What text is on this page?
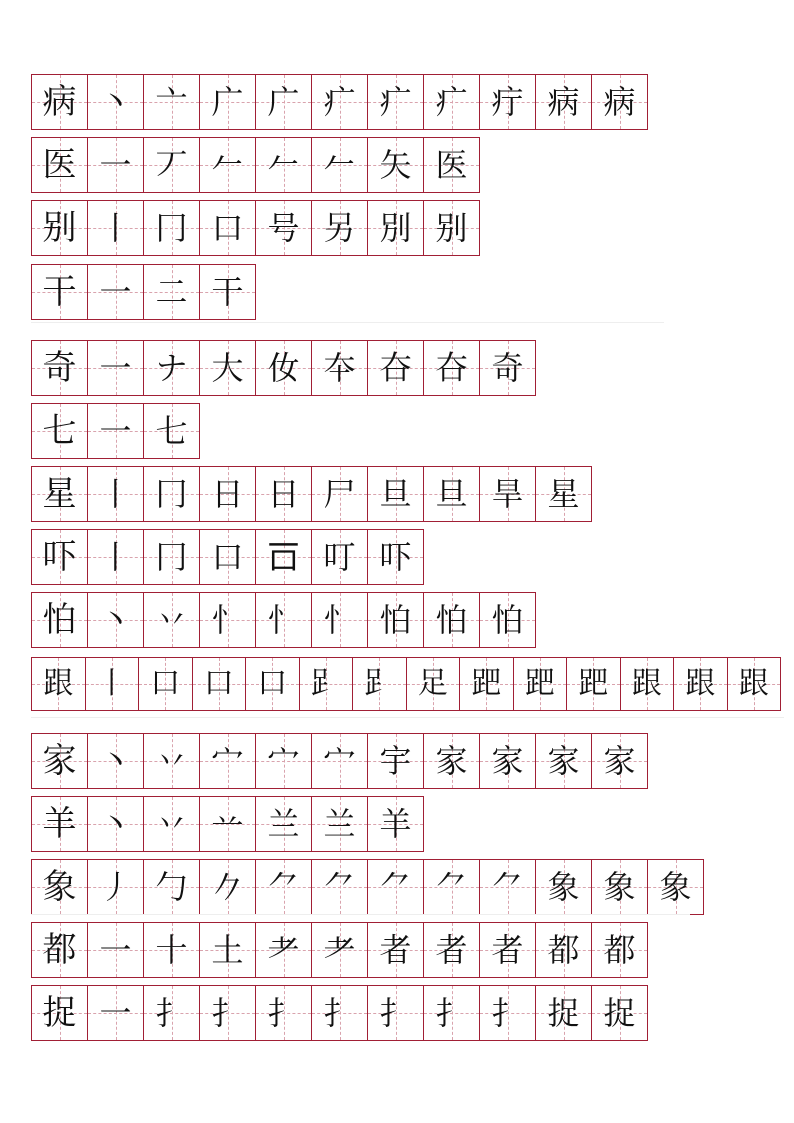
病 丶 亠 广 广 疒 疒 疒 疔 病 病
医 一 丆 𠂉 𠂉 𠂉 矢 医
别 丨 冂 口 号 另 別 别
干 一 二 干
奇 一 ナ 大 㚢 夲 夻 夻 奇
七 一 七
星 丨 冂 日 日 尸 旦 旦 旱 星
吓 丨 冂 口 𠮛 叮 吓
怕 丶 丷 忄 忄 忄 怕 怕 怕
跟 丨 口 口 口 𧾷 𧾷 足 跁 跁 跁 跟 跟 跟
家 丶 丷 宀 宀 宀 宇 家 家 家 家
羊 丶 丷 䒑 兰 兰 羊
象 丿 勹 𠂊 ⺈ ⺈ ⺈ ⺈ ⺈ 象 象 象
都 一 十 土 耂 耂 者 者 者 都 都
捉 一 扌 扌 扌 扌 扌 扌 扌 捉 捉
